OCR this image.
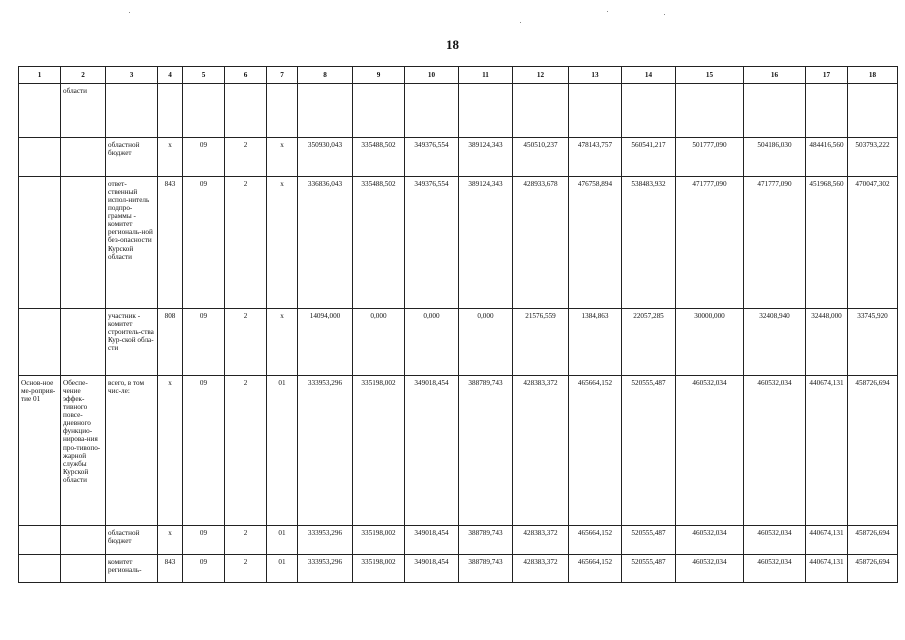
18
1	2	3	4	5	6	7	8	9	10	11	12	13	14	15	16	17	18
	области																
		областной бюджет	x	09	2	x	350930,043	335488,502	349376,554	389124,343	450510,237	478143,757	560541,217	501777,090	504186,030	484416,560	503793,222
		ответ-ственный испол-нитель подпро-граммы - комитет региональ-ной без-опасности Курской области	843	09	2	x	336836,043	335488,502	349376,554	389124,343	428933,678	476758,894	538483,932	471777,090	471777,090	451968,560	470047,302
		участник - комитет строитель-ства Кур-ской обла-сти	808	09	2	x	14094,000	0,000	0,000	0,000	21576,559	1384,863	22057,285	30000,000	32408,940	32448,000	33745,920
Основ-ное ме-роприя-тие 01	Обеспе-чение эффек-тивного повсе-дневного функцио-нирова-ния про-тивопо-жарной службы Курской области	всего, в том чис-ле:	x	09	2	01	333953,296	335198,002	349018,454	388789,743	428383,372	465664,152	520555,487	460532,034	460532,034	440674,131	458726,694
		областной бюджет	x	09	2	01	333953,296	335198,002	349018,454	388789,743	428383,372	465664,152	520555,487	460532,034	460532,034	440674,131	458726,694
		комитет региональ-	843	09	2	01	333953,296	335198,002	349018,454	388789,743	428383,372	465664,152	520555,487	460532,034	460532,034	440674,131	458726,694
